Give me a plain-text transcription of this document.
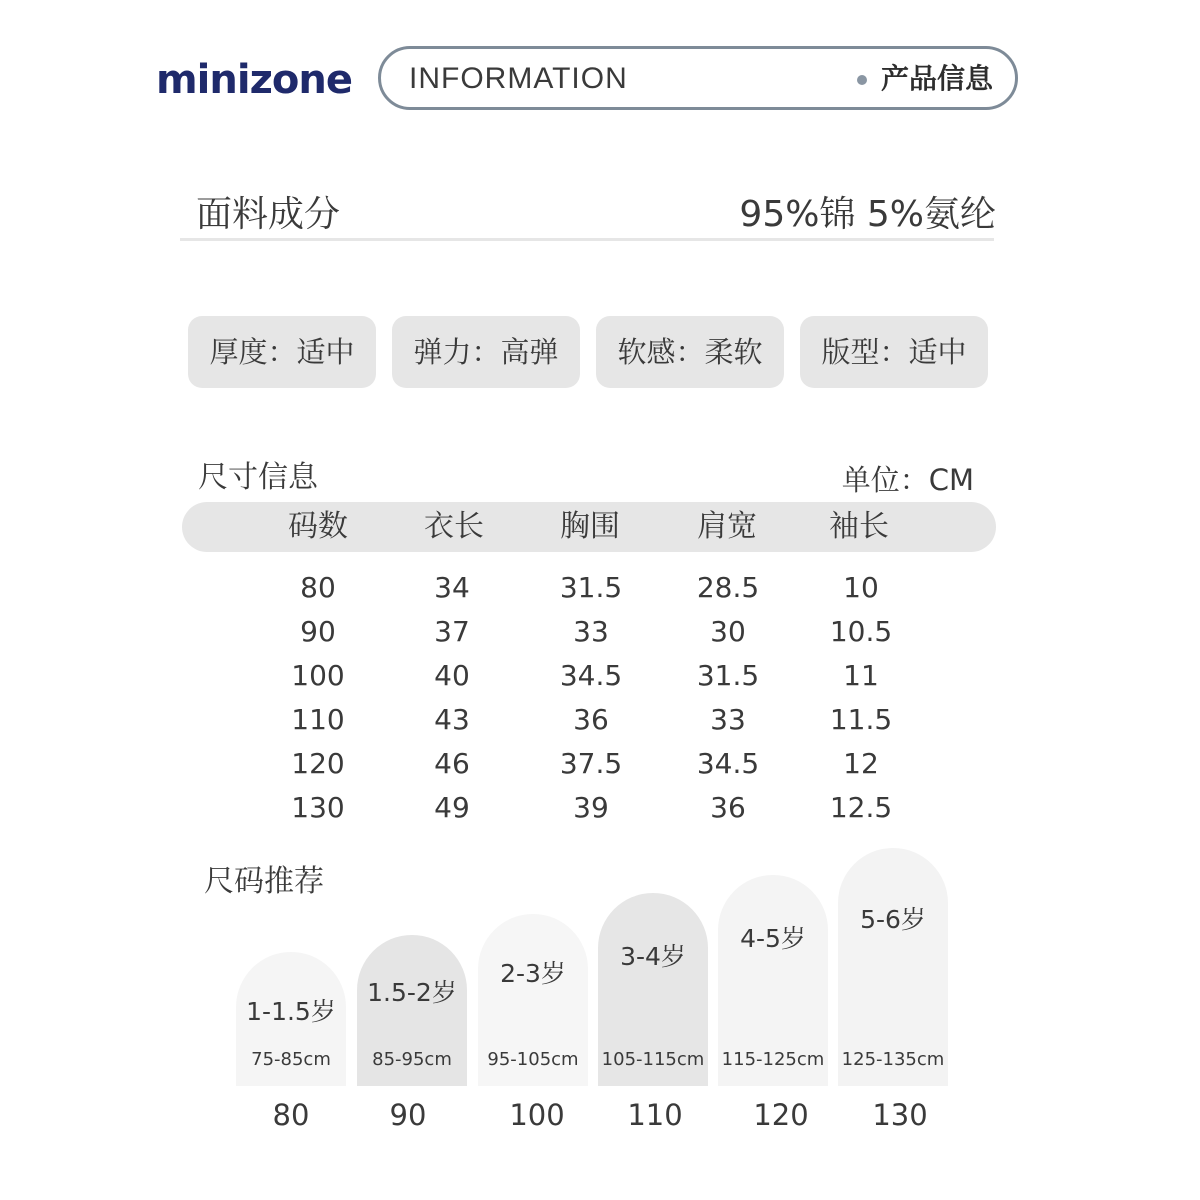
minizone INFORMATION	产品信息
面料成分	95%锦 5%氨纶
厚度：适中	弹力：高弹	软感：柔软	版型：适中
尺寸信息	单位：CM
码数	衣长	胸围	肩宽 袖长
80	34	31.5	28.5	10
90	37	33	30	10.5
100	40	34.5	31.5	11
110	43	36	33	11.5
120	46	37.5	34.5	12
130	49	39	36	12.5
尺码推荐
1-1.5岁
75-85cm
1.5-2岁
85-95cm
2-3岁
95-105cm
3-4岁
105-115cm
4-5岁
115-125cm
5-6岁
125-135cm
80	90	100	110	120	130
